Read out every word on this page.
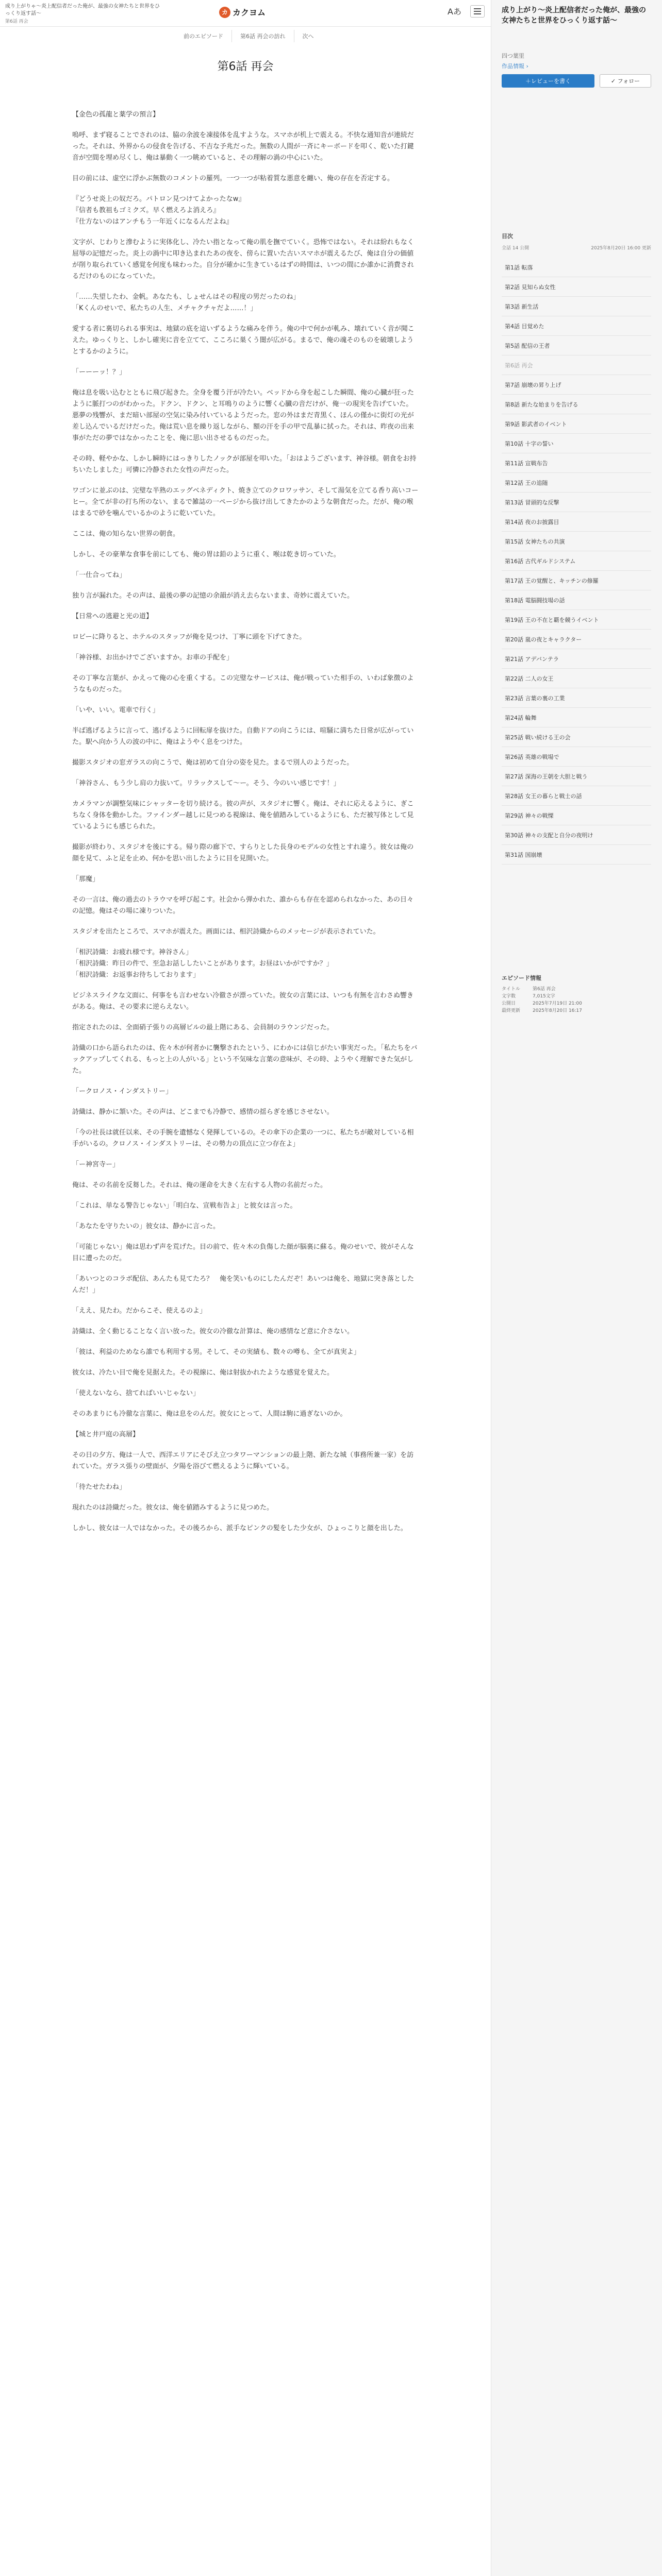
成り上がりゃ～炎上配信者だった俺が、最強の女神たちと世界をひっくり返す話～
第6話 再会
カ カクヨム	Aあ
前のエピソード	第6話 再会の訪れ	次へ
第6話 再会

【金色の孤龍と薬学の預言】

嗚呼、まず寝ることでされのは、脇の余波を凍接体を乱すような。スマホが机上で震える。不快な通知音が連続だった。それは、外界からの侵食を告げる、不吉な予兆だった。無数の人間が一斉にキーボードを叩く、乾いた打鍵音が空間を埋め尽くし、俺は暴動く一つ眺めていると、その理解の渦の中心にいた。

目の前には、虚空に浮かぶ無数のコメントの羅列。一つ一つが粘着質な悪意を纏い、俺の存在を否定する。

『どうせ炎上の奴だろ。パトロン見つけてよかったなw』
『信者も教祖もゴミクズ。早く燃えろよ消えろ』
『仕方ないのはアンチもう一年近くになるんだよね』

文字が、じわりと滲むように実体化し、冷たい指となって俺の肌を撫でていく。恐怖ではない。それは紛れもなく屈辱の記憶だった。炎上の渦中に叩き込まれたあの夜を、傍らに置いた古いスマホが震えるたび、俺は自分の価値が削り取られていく感覚を何度も味わった。自分が確かに生きているはずの時間は、いつの間にか誰かに消費されるだけのものになっていた。

「……失望したわ、金帆。あなたも、しょせんはその程度の男だったのね」
「Kくんのせいで、私たちの人生、メチャクチャだよ……！」

愛する者に裏切られる事実は、地獄の底を這いずるような痛みを伴う。俺の中で何かが軋み、壊れていく音が聞こえた。ゆっくりと、しかし確実に音を立てて、こころに巣くう闇が広がる。まるで、俺の魂そのものを破壊しようとするかのように。

「ーーーッ！？」

俺は息を吸い込むとともに飛び起きた。全身を覆う汗が冷たい。ベッドから身を起こした瞬間、俺の心臓が狂ったように脈打つのがわかった。ドクン、ドクン、と耳鳴りのように響く心臓の音だけが、俺一の現実を告げていた。悪夢の残響が、まだ暗い部屋の空気に染み付いているようだった。窓の外はまだ青黒く、ほんの僅かに街灯の光が差し込んでいるだけだった。俺は荒い息を繰り返しながら、額の汗を手の甲で乱暴に拭った。それは、昨夜の出来事がただの夢ではなかったことを、俺に思い出させるものだった。

その時、軽やかな、しかし瞬時にはっきりしたノックが部屋を叩いた。「おはようございます、神谷様。朝食をお持ちいたしました」可憐に冷静された女性の声だった。

ワゴンに並ぶのは、完璧な半熟のエッグベネディクト、焼き立てのクロワッサン、そして湯気を立てる香り高いコーヒー。全てが非の打ち所のない、まるで雑誌の一ページから抜け出してきたかのような朝食だった。だが、俺の喉はまるで砂を噛んでいるかのように乾いていた。

ここは、俺の知らない世界の朝食。

しかし、その豪華な食事を前にしても、俺の胃は鉛のように重く、喉は乾き切っていた。

「一仕合ってね」

独り言が漏れた。その声は、最後の夢の記憶の余韻が消え去らないまま、奇妙に震えていた。

【日常への逃避と光の道】

ロビーに降りると、ホテルのスタッフが俺を見つけ、丁寧に頭を下げてきた。

「神谷様、お出かけでございますか。お車の手配を」

その丁寧な言葉が、かえって俺の心を重くする。この完璧なサービスは、俺が戦っていた相手の、いわば象徴のようなものだった。

「いや、いい。電車で行く」

半ば逃げるように言って、逃げるように回転扉を抜けた。自動ドアの向こうには、喧騒に満ちた日常が広がっていた。駅へ向かう人の波の中に、俺はようやく息をつけた。

撮影スタジオの窓ガラスの向こうで、俺は初めて自分の姿を見た。まるで別人のようだった。

「神谷さん、もう少し肩の力抜いて。リラックスして〜ー。そう、今のいい感じです！」

カメラマンが調整気味にシャッターを切り続ける。彼の声が、スタジオに響く。俺は、それに応えるように、ぎこちなく身体を動かした。ファインダー越しに見つめる視線は、俺を値踏みしているようにも、ただ被写体として見ているようにも感じられた。

撮影が終わり、スタジオを後にする。帰り際の廊下で、すらりとした長身のモデルの女性とすれ違う。彼女は俺の顔を見て、ふと足を止め、何かを思い出したように目を見開いた。

「那魔」

その一言は、俺の過去のトラウマを呼び起こす。社会から弾かれた、誰からも存在を認められなかった、あの日々の記憶。俺はその場に凍りついた。

スタジオを出たところで、スマホが震えた。画面には、相沢詩織からのメッセージが表示されていた。

「相沢詩織：お疲れ様です。神谷さん」
「相沢詩織：昨日の件で、至急お話ししたいことがあります。お昼はいかがですか？」
「相沢詩織：お返事お待ちしております」

ビジネスライクな文面に、何事をも言わせない冷徹さが漂っていた。彼女の言葉には、いつも有無を言わさぬ響きがある。俺は、その要求に逆らえない。

指定されたのは、全面硝子張りの高層ビルの最上階にある、会員制のラウンジだった。

詩織の口から語られたのは、佐々木が何者かに襲撃されたという、にわかには信じがたい事実だった。「私たちをバックアップしてくれる、もっと上の人がいる」という不気味な言葉の意味が、その時、ようやく理解できた気がした。

「ークロノス・インダストリー」

詩織は、静かに頷いた。その声は、どこまでも冷静で、感情の揺らぎを感じさせない。

「今の社長は就任以来、その手腕を遺憾なく発揮しているの。その傘下の企業の一つに、私たちが敵対している相手がいるの。クロノス・インダストリーは、その勢力の頂点に立つ存在よ」

「ー神宮寺ー」

俺は、その名前を反芻した。それは、俺の運命を大きく左右する人物の名前だった。

「これは、単なる警告じゃない」「明白な、宣戦布告よ」と彼女は言った。

「あなたを守りたいの」彼女は、静かに言った。

「可能じゃない」俺は思わず声を荒げた。目の前で、佐々木の負傷した顔が脳裏に蘇る。俺のせいで、彼がそんな目に遭ったのだ。

「あいつとのコラボ配信、あんたも見てたろ？　俺を笑いものにしたんだぞ！あいつは俺を、地獄に突き落としたんだ！」

「ええ、見たわ。だからこそ、使えるのよ」

詩織は、全く動じることなく言い放った。彼女の冷徹な計算は、俺の感情など意に介さない。

「彼は、利益のためなら誰でも利用する男。そして、その実績も、数々の噂も、全てが真実よ」

彼女は、冷たい目で俺を見据えた。その視線に、俺は射抜かれたような感覚を覚えた。

「使えないなら、捨てればいいじゃない」

そのあまりにも冷徹な言葉に、俺は息をのんだ。彼女にとって、人間は駒に過ぎないのか。

【城と井戸庭の高層】

その日の夕方、俺は一人で、西洋エリアにそびえ立つタワーマンションの最上階、新たな城（事務所兼一家）を訪れていた。ガラス張りの壁面が、夕陽を浴びて燃えるように輝いている。

「待たせたわね」

現れたのは詩織だった。彼女は、俺を値踏みするように見つめた。

しかし、彼女は一人ではなかった。その後ろから、派手なピンクの髪をした少女が、ひょっこりと顔を出した。

成り上がり〜炎上配信者だった俺が、最強の女神たちと世界をひっくり返す話〜
四つ葉里
作品情報 ›
＋レビューを書く	✓ フォロー
目次
全話 14 公開	2025年8月20日 16:00 更新
第1話 転落
第2話 見知らぬ女性
第3話 新生活
第4話 目覚めた
第5話 配信の王者
第6話 再会
第7話 崩壊の昇り上げ
第8話 新たな始まりを告げる
第9話 影武者のイベント
第10話 十字の誓い
第11話 宣戦布告
第12話 王の追随
第13話 冒頭的な反撃
第14話 夜のお披露目
第15話 女神たちの共演
第16話 古代ギルドシステム
第17話 王の覚醒と、キッチンの修羅
第18話 電脳闘技場の話
第19話 王の不在と覇を競うイベント
第20話 嵐の夜とキャラクター
第21話 アデバンテラ
第22話 二人の女王
第23話 言葉の裏の工業
第24話 輪舞
第25話 戦い続ける王の会
第26話 英雄の戦場で
第27話 深海の王朝を大胆と戦う
第28話 女王の暮らと戦士の話
第29話 神々の戦慄
第30話 神々の支配と自分の夜明け
第31話 国崩壊
エピソード情報
タイトル	第6話 再会
文字数	7,015文字
公開日	2025年7月19日 21:00
最終更新	2025年8月20日 16:17
